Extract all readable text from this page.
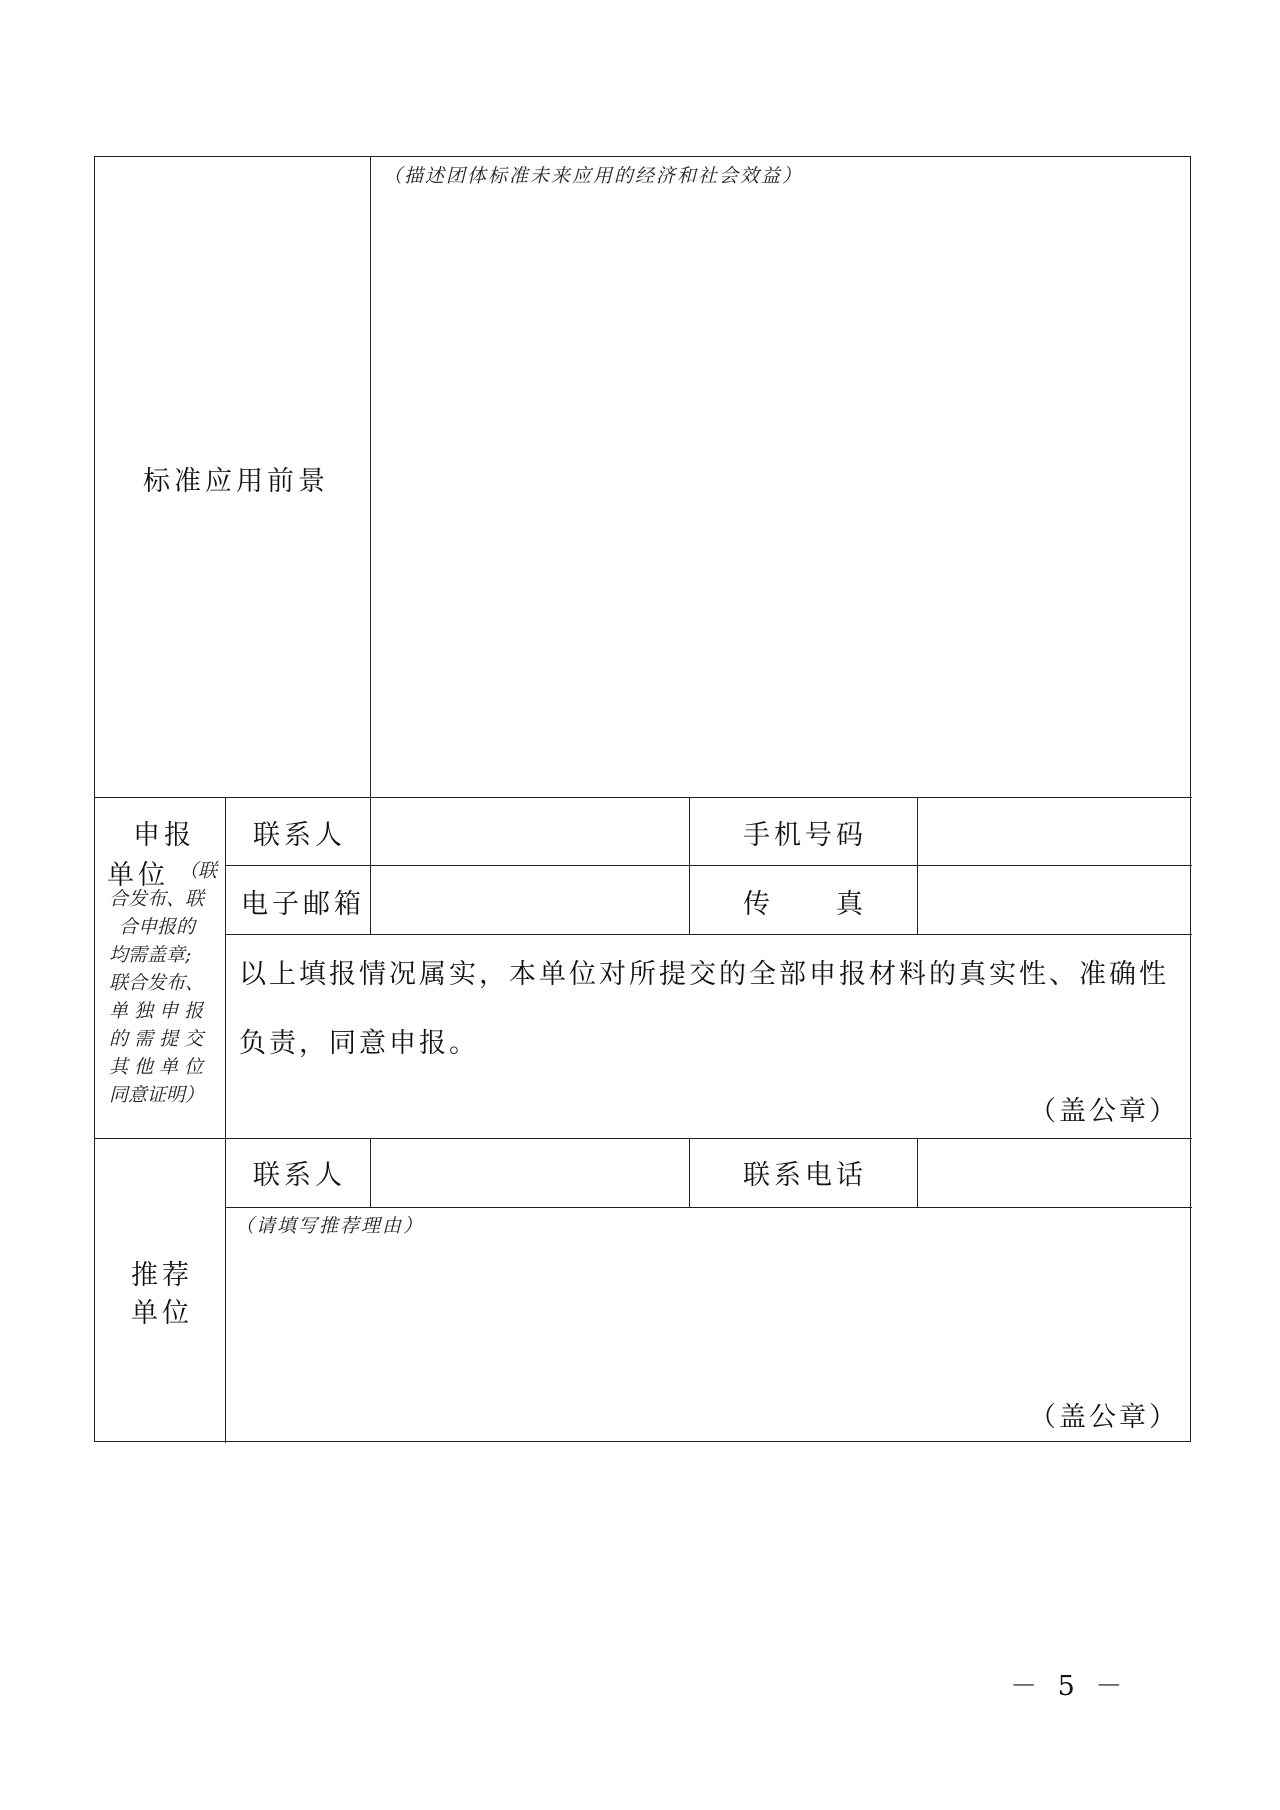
标准应用前景
（描述团体标准未来应用的经济和社会效益）
申报
单位 （联
合发布、联
合申报的
均需盖章;
联合发布、
单 独 申 报
的 需 提 交
其 他 单 位
同意证明）
联系人	手机号码
电子邮箱	传　　真
以上填报情况属实，本单位对所提交的全部申报材料的真实性、准确性
负责，同意申报。
（盖公章）
推荐
单位
联系人	联系电话
（请填写推荐理由）
（盖公章）
－ 5 －
